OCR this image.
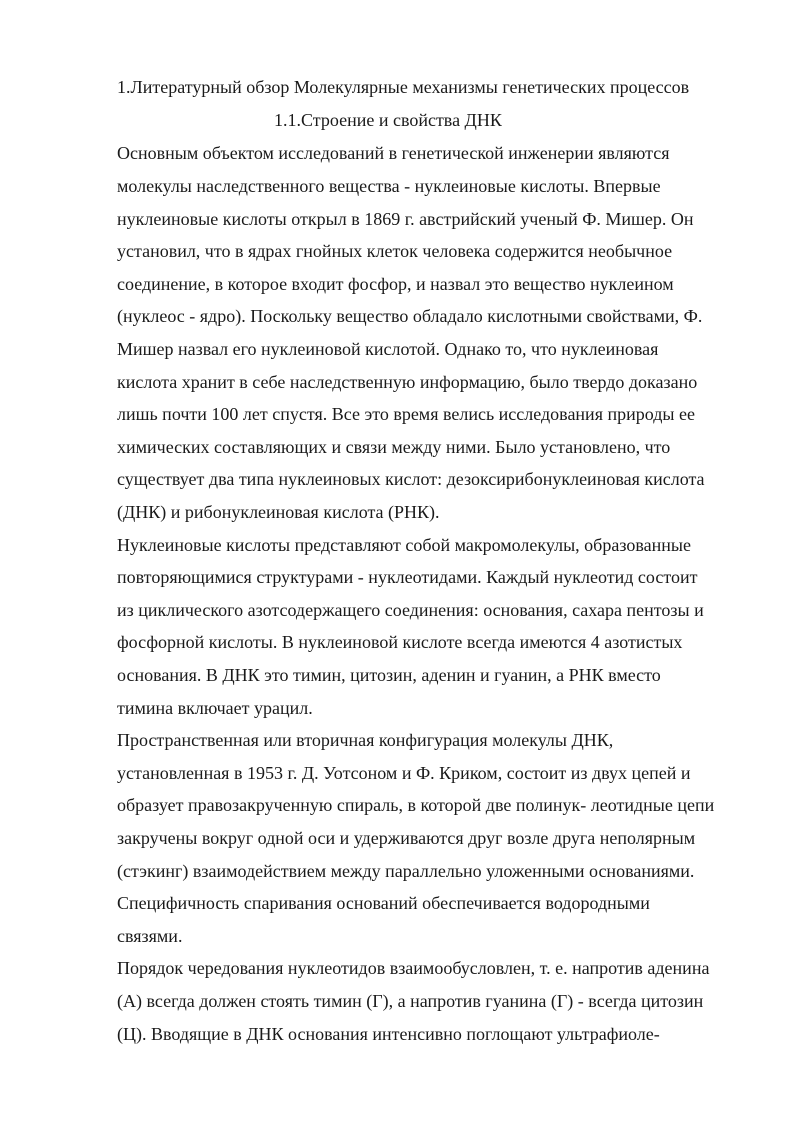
1.Литературный обзор Молекулярные механизмы генетических процессов
1.1.Строение и свойства ДНК
Основным объектом исследований в генетической инженерии являются
молекулы наследственного вещества - нуклеиновые кислоты. Впервые
нуклеиновые кислоты открыл в 1869 г. австрийский ученый Ф. Мишер. Он
установил, что в ядрах гнойных клеток человека содержится необычное
соединение, в которое входит фосфор, и назвал это вещество нуклеином
(нуклеос - ядро). Поскольку вещество обладало кислотными свойствами, Ф.
Мишер назвал его нуклеиновой кислотой. Однако то, что нуклеиновая
кислота хранит в себе наследственную информацию, было твердо доказано
лишь почти 100 лет спустя. Все это время велись исследования природы ее
химических составляющих и связи между ними. Было установлено, что
существует два типа нуклеиновых кислот: дезоксирибонуклеиновая кислота
(ДНК) и рибонуклеиновая кислота (РНК).
Нуклеиновые кислоты представляют собой макромолекулы, образованные
повторяющимися структурами - нуклеотидами. Каждый нуклеотид состоит
из циклического азотсодержащего соединения: основания, сахара пентозы и
фосфорной кислоты. В нуклеиновой кислоте всегда имеются 4 азотистых
основания. В ДНК это тимин, цитозин, аденин и гуанин, а РНК вместо
тимина включает урацил.
Пространственная или вторичная конфигурация молекулы ДНК,
установленная в 1953 г. Д. Уотсоном и Ф. Криком, состоит из двух цепей и
образует правозакрученную спираль, в которой две полинук- леотидные цепи
закручены вокруг одной оси и удерживаются друг возле друга неполярным
(стэкинг) взаимодействием между параллельно уложенными основаниями.
Специфичность спаривания оснований обеспечивается водородными
связями.
Порядок чередования нуклеотидов взаимообусловлен, т. е. напротив аденина
(А) всегда должен стоять тимин (Г), а напротив гуанина (Г) - всегда цитозин
(Ц). Вводящие в ДНК основания интенсивно поглощают ультрафиоле-
